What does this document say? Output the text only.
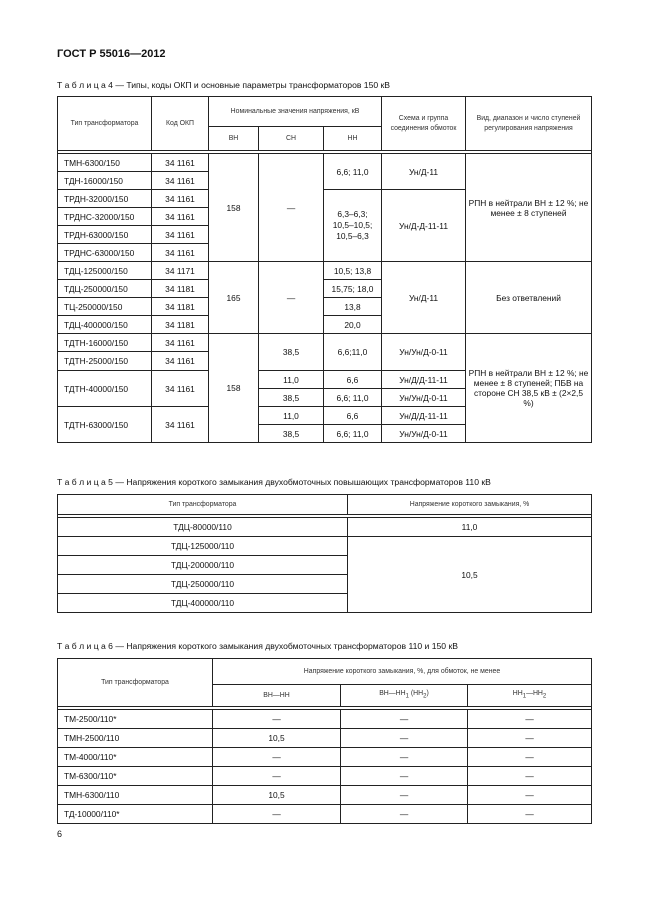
ГОСТ Р 55016—2012
Т а б л и ц а 4 — Типы, коды ОКП и основные параметры трансформаторов 150 кВ
Тип трансформатора	Код ОКП	Номинальные значения напряжения, кВ			Схема и группа соединения обмоток	Вид, диапазон и число ступеней регулирования напряжения
		ВН	СН	НН		

ТМН-6300/150	34 1161	158	—	6,6; 11,0	Ун/Д-11	РПН в нейтрали ВН ± 12 %; не менее ± 8 ступеней
ТДН-16000/150	34 1161					
ТРДН-32000/150	34 1161			6,3–6,3; 10,5–10,5; 10,5–6,3	Ун/Д-Д-11-11	
ТРДНС-32000/150	34 1161					
ТРДН-63000/150	34 1161					
ТРДНС-63000/150	34 1161					
ТДЦ-125000/150	34 1171	165	—	10,5; 13,8	Ун/Д-11	Без ответвлений
ТДЦ-250000/150	34 1181			15,75; 18,0		
ТЦ-250000/150	34 1181			13,8		
ТДЦ-400000/150	34 1181			20,0		
ТДТН-16000/150	34 1161	158	38,5	6,6;11,0	Ун/Ун/Д-0-11	РПН в нейтрали ВН ± 12 %; не менее ± 8 ступеней; ПБВ на стороне СН 38,5 кВ ± (2×2,5 %)
ТДТН-25000/150	34 1161					

ТДТН-40000/150	34 1161		11,0	6,6	Ун/Д/Д-11-11	
			38,5	6,6; 11,0	Ун/Ун/Д-0-11	
ТДТН-63000/150	34 1161		11,0	6,6	Ун/Д/Д-11-11	
			38,5	6,6; 11,0	Ун/Ун/Д-0-11	
Т а б л и ц а 5 — Напряжения короткого замыкания двухобмоточных повышающих трансформаторов 110 кВ
Тип трансформатора	Напряжение короткого замыкания, %

ТДЦ-80000/110	11,0
ТДЦ-125000/110	10,5
ТДЦ-200000/110	
ТДЦ-250000/110	
ТДЦ-400000/110	
Т а б л и ц а 6 — Напряжения короткого замыкания двухобмоточных трансформаторов 110 и 150 кВ
Тип трансформатора	Напряжение короткого замыкания, %, для обмоток, не менее		
	ВН—НН	$ВН—НН_1$ $(НН_2)$	$НН_1—НН_2$

ТМ-2500/110*	—	—	—
ТМН-2500/110	10,5	—	—
ТМ-4000/110*	—	—	—
ТМ-6300/110*	—	—	—
ТМН-6300/110	10,5	—	—
ТД-10000/110*	—	—	—
6
